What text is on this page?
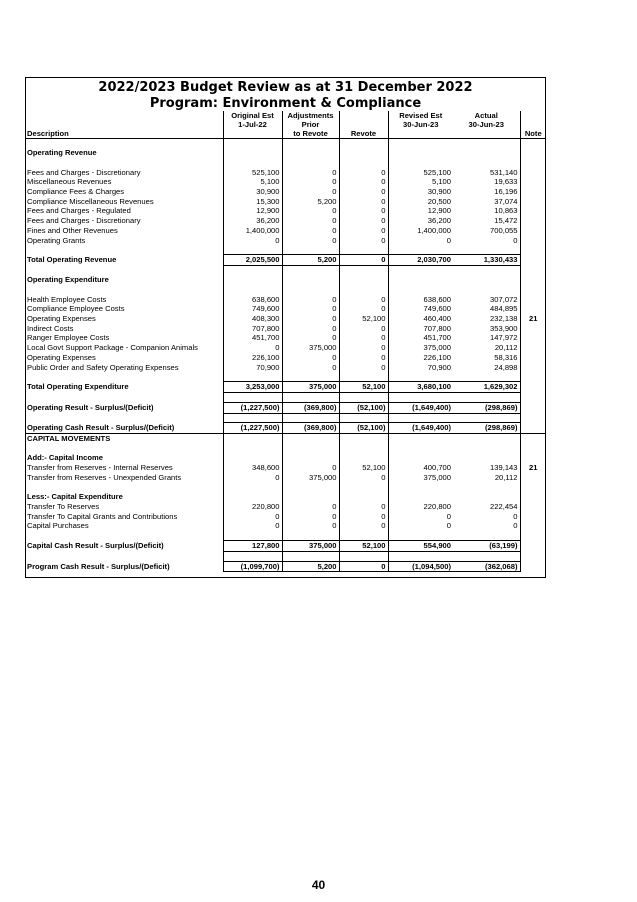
2022/2023 Budget Review as at 31 December 2022
Program: Environment & Compliance
	Original Est	Adjustments		Revised Est	Actual	
	1-Jul-22	Prior		30-Jun-23	30-Jun-23	
Description		to Revote	Revote			Note

Operating Revenue						

Fees and Charges - Discretionary	525,100	0	0	525,100	531,140	
Miscellaneous Revenues	5,100	0	0	5,100	19,633	
Compliance Fees & Charges	30,900	0	0	30,900	16,196	
Compliance Miscellaneous Revenues	15,300	5,200	0	20,500	37,074	
Fees and Charges - Regulated	12,900	0	0	12,900	10,863	
Fees and Charges - Discretionary	36,200	0	0	36,200	15,472	
Fines and Other Revenues	1,400,000	0	0	1,400,000	700,055	
Operating Grants	0	0	0	0	0	

Total Operating Revenue	2,025,500	5,200	0	2,030,700	1,330,433	

Operating Expenditure						

Health Employee Costs	638,600	0	0	638,600	307,072	
Compliance Employee Costs	749,600	0	0	749,600	484,895	
Operating Expenses	408,300	0	52,100	460,400	232,138	21
Indirect Costs	707,800	0	0	707,800	353,900	
Ranger Employee Costs	451,700	0	0	451,700	147,972	
Local Govt Support Package - Companion Animals	0	375,000	0	375,000	20,112	
Operating Expenses	226,100	0	0	226,100	58,316	
Public Order and Safety Operating Expenses	70,900	0	0	70,900	24,898	

Total Operating Expenditure	3,253,000	375,000	52,100	3,680,100	1,629,302	

Operating Result - Surplus/(Deficit)	(1,227,500)	(369,800)	(52,100)	(1,649,400)	(298,869)	

Operating Cash Result - Surplus/(Deficit)	(1,227,500)	(369,800)	(52,100)	(1,649,400)	(298,869)	
CAPITAL MOVEMENTS						

Add:- Capital Income						
Transfer from Reserves - Internal Reserves	348,600	0	52,100	400,700	139,143	21
Transfer from Reserves - Unexpended Grants	0	375,000	0	375,000	20,112	

Less:- Capital Expenditure						
Transfer To Reserves	220,800	0	0	220,800	222,454	
Transfer To Capital Grants and Contributions	0	0	0	0	0	
Capital Purchases	0	0	0	0	0	

Capital Cash Result - Surplus/(Deficit)	127,800	375,000	52,100	554,900	(63,199)	

Program Cash Result - Surplus/(Deficit)	(1,099,700)	5,200	0	(1,094,500)	(362,068)	
40
